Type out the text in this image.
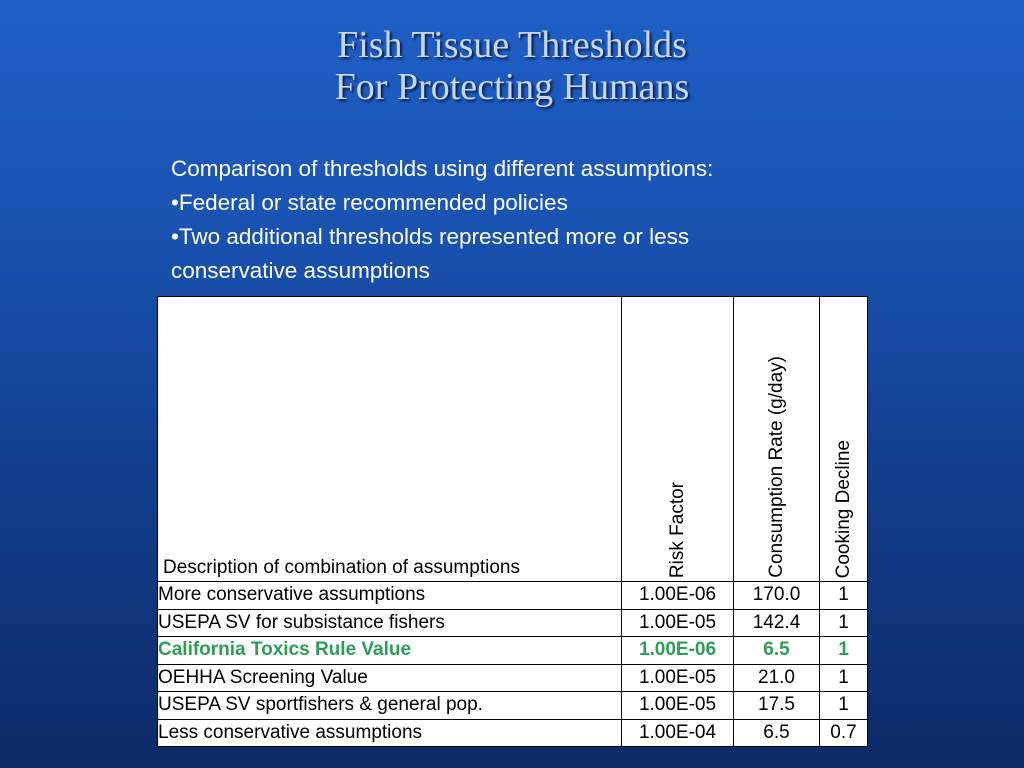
Fish Tissue Thresholds
For Protecting Humans
Comparison of thresholds using different assumptions:
•Federal or state recommended policies
•Two additional thresholds represented more or less
conservative assumptions
Description of combination of assumptions	Risk Factor	Consumption Rate (g/day)	Cooking Decline

More conservative assumptions	1.00E-06	170.0	1
USEPA SV for subsistance fishers	1.00E-05	142.4	1
California Toxics Rule Value	1.00E-06	6.5	1
OEHHA Screening Value	1.00E-05	21.0	1
USEPA SV sportfishers & general pop.	1.00E-05	17.5	1
Less conservative assumptions	1.00E-04	6.5	0.7
